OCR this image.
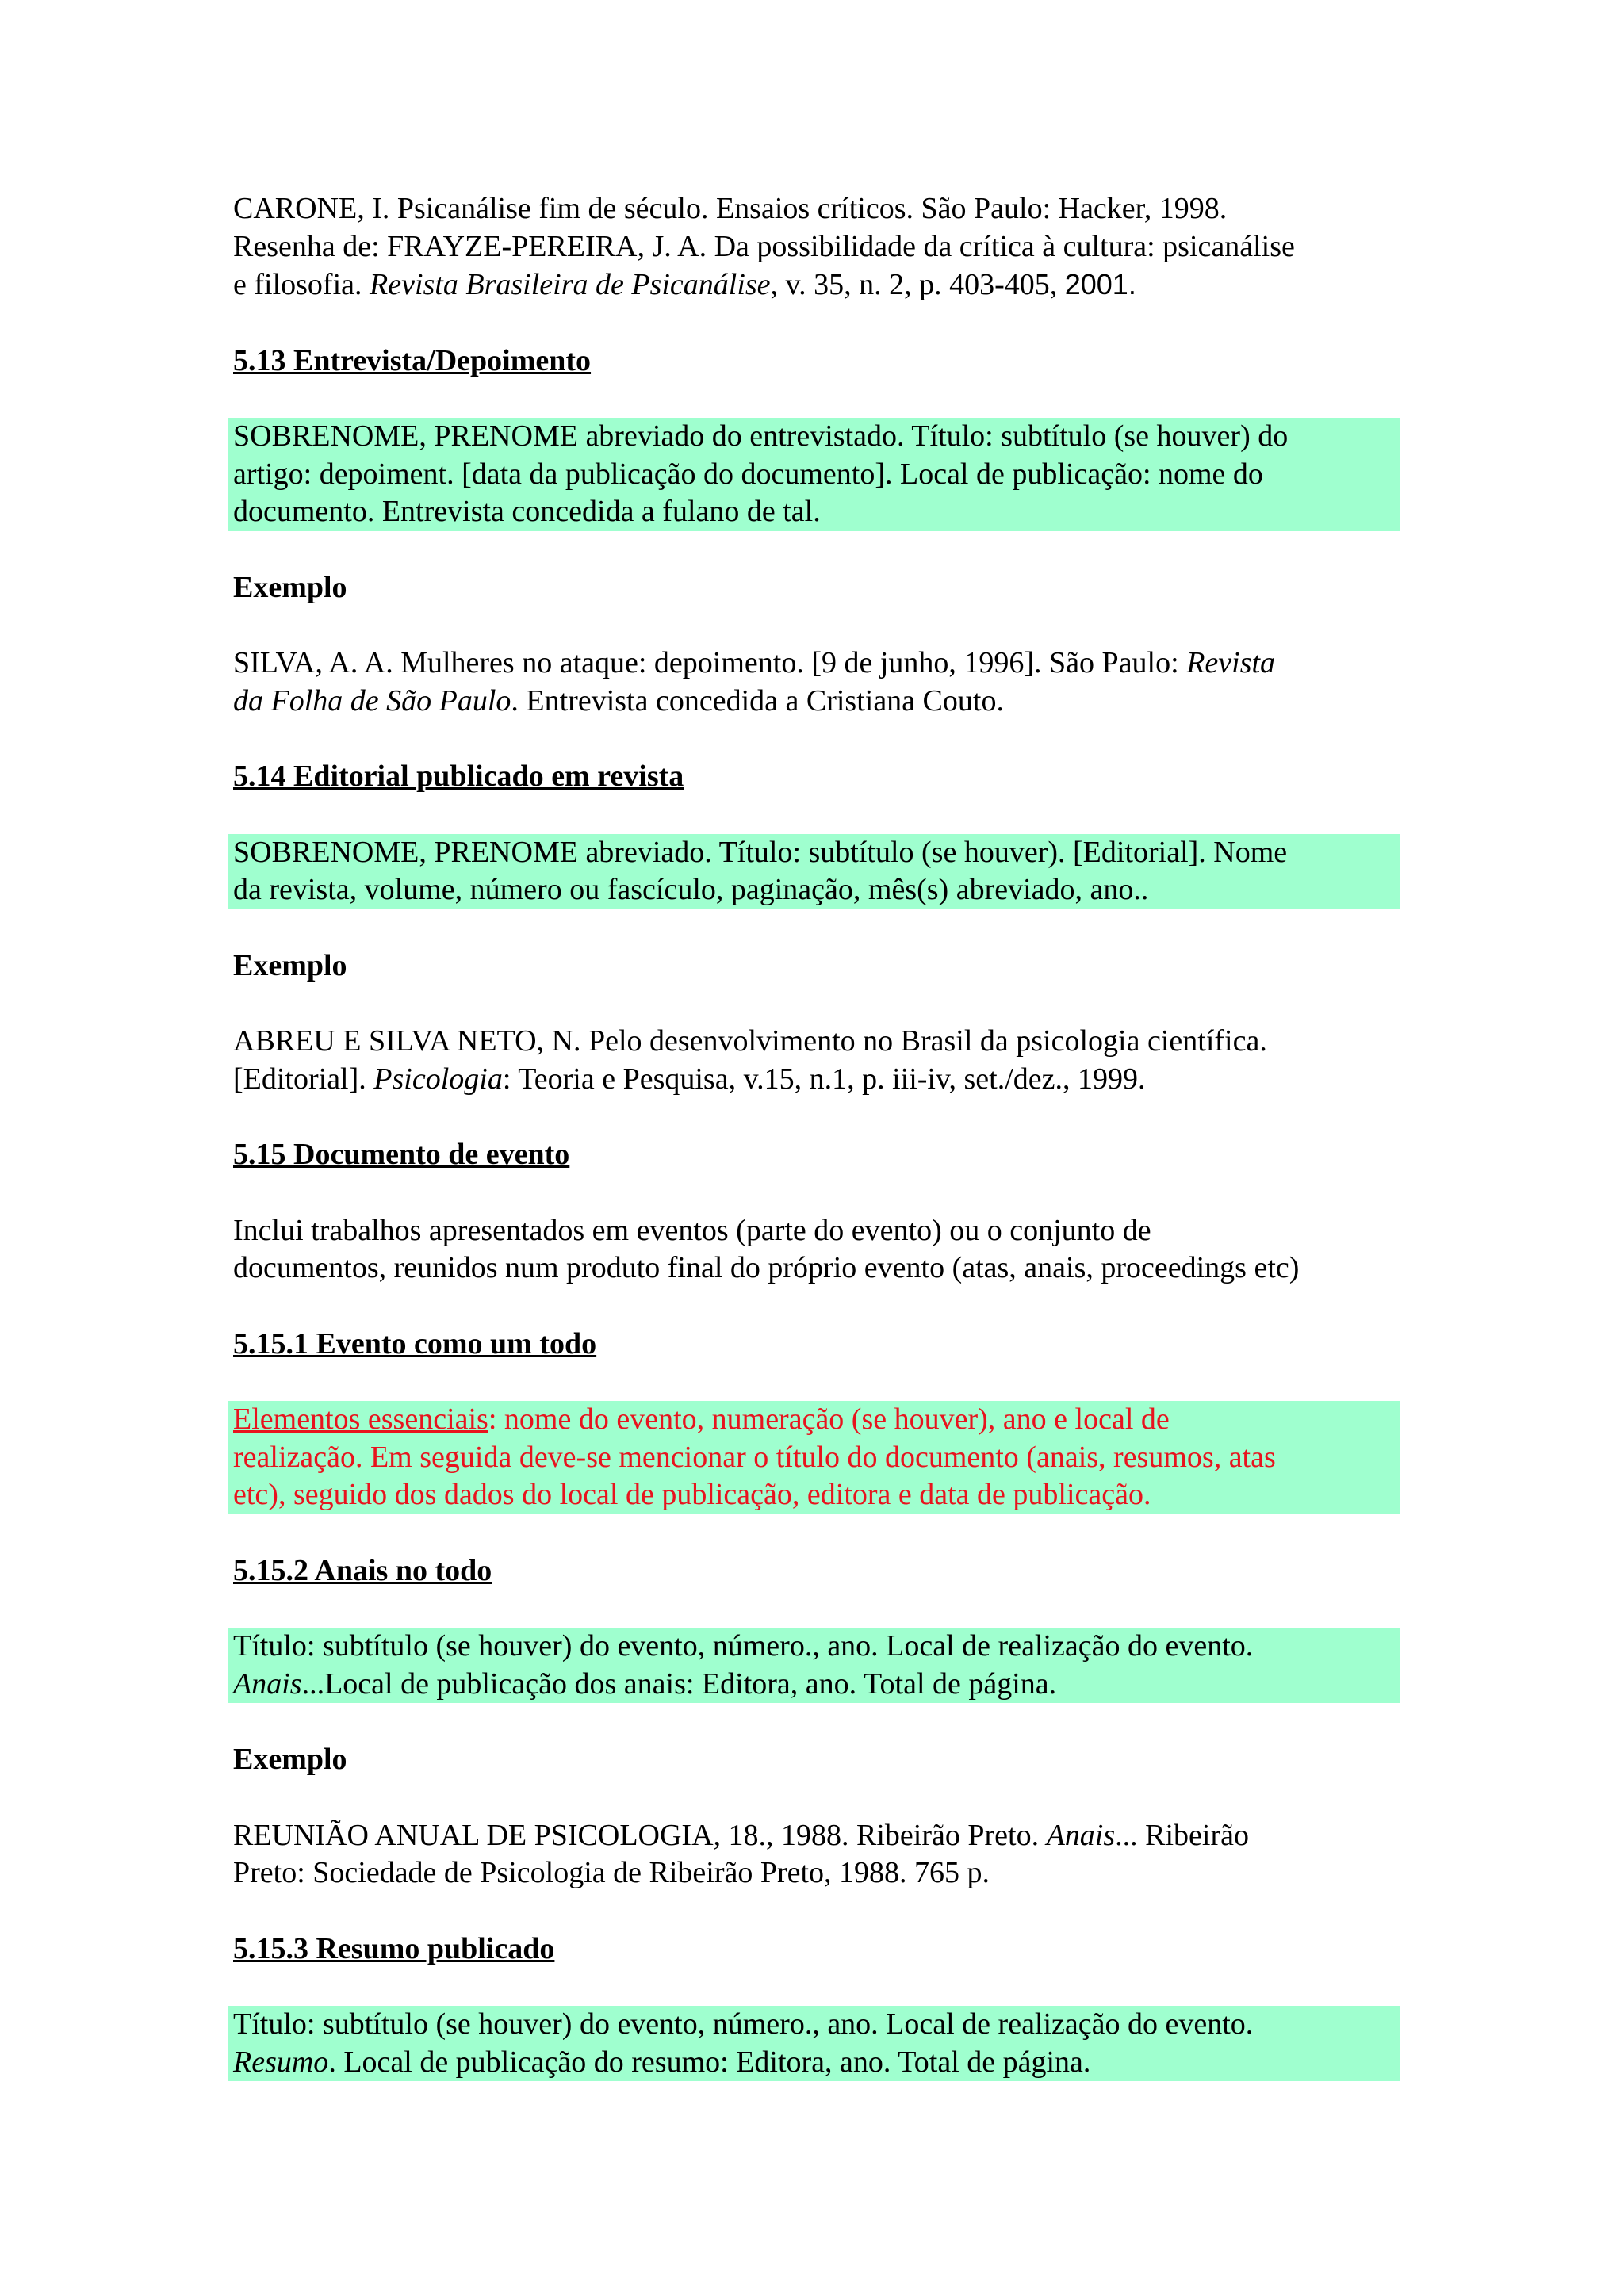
CARONE, I. Psicanálise fim de século. Ensaios críticos. São Paulo: Hacker, 1998.

Resenha de: FRAYZE-PEREIRA, J. A. Da possibilidade da crítica à cultura: psicanálise

e filosofia. Revista Brasileira de Psicanálise, v. 35, n. 2, p. 403-405, 2001.

5.13 Entrevista/Depoimento

SOBRENOME, PRENOME abreviado do entrevistado. Título: subtítulo (se houver) do

artigo: depoiment. [data da publicação do documento]. Local de publicação: nome do

documento. Entrevista concedida a fulano de tal.

Exemplo

SILVA, A. A. Mulheres no ataque: depoimento. [9 de junho, 1996]. São Paulo: Revista

da Folha de São Paulo. Entrevista concedida a Cristiana Couto.

5.14 Editorial publicado em revista

SOBRENOME, PRENOME abreviado. Título: subtítulo (se houver). [Editorial]. Nome

da revista, volume, número ou fascículo, paginação, mês(s) abreviado, ano..

Exemplo

ABREU E SILVA NETO, N. Pelo desenvolvimento no Brasil da psicologia científica.

[Editorial]. Psicologia: Teoria e Pesquisa, v.15, n.1, p. iii-iv, set./dez., 1999.

5.15 Documento de evento

Inclui trabalhos apresentados em eventos (parte do evento) ou o conjunto de

documentos, reunidos num produto final do próprio evento (atas, anais, proceedings etc)

5.15.1 Evento como um todo

Elementos essenciais: nome do evento, numeração (se houver), ano e local de

realização. Em seguida deve-se mencionar o título do documento (anais, resumos, atas

etc), seguido dos dados do local de publicação, editora e data de publicação.

5.15.2 Anais no todo

Título: subtítulo (se houver) do evento, número., ano. Local de realização do evento.

Anais...Local de publicação dos anais: Editora, ano. Total de página.

Exemplo

REUNIÃO ANUAL DE PSICOLOGIA, 18., 1988. Ribeirão Preto. Anais... Ribeirão

Preto: Sociedade de Psicologia de Ribeirão Preto, 1988. 765 p.

5.15.3 Resumo publicado

Título: subtítulo (se houver) do evento, número., ano. Local de realização do evento.

Resumo. Local de publicação do resumo: Editora, ano. Total de página.
